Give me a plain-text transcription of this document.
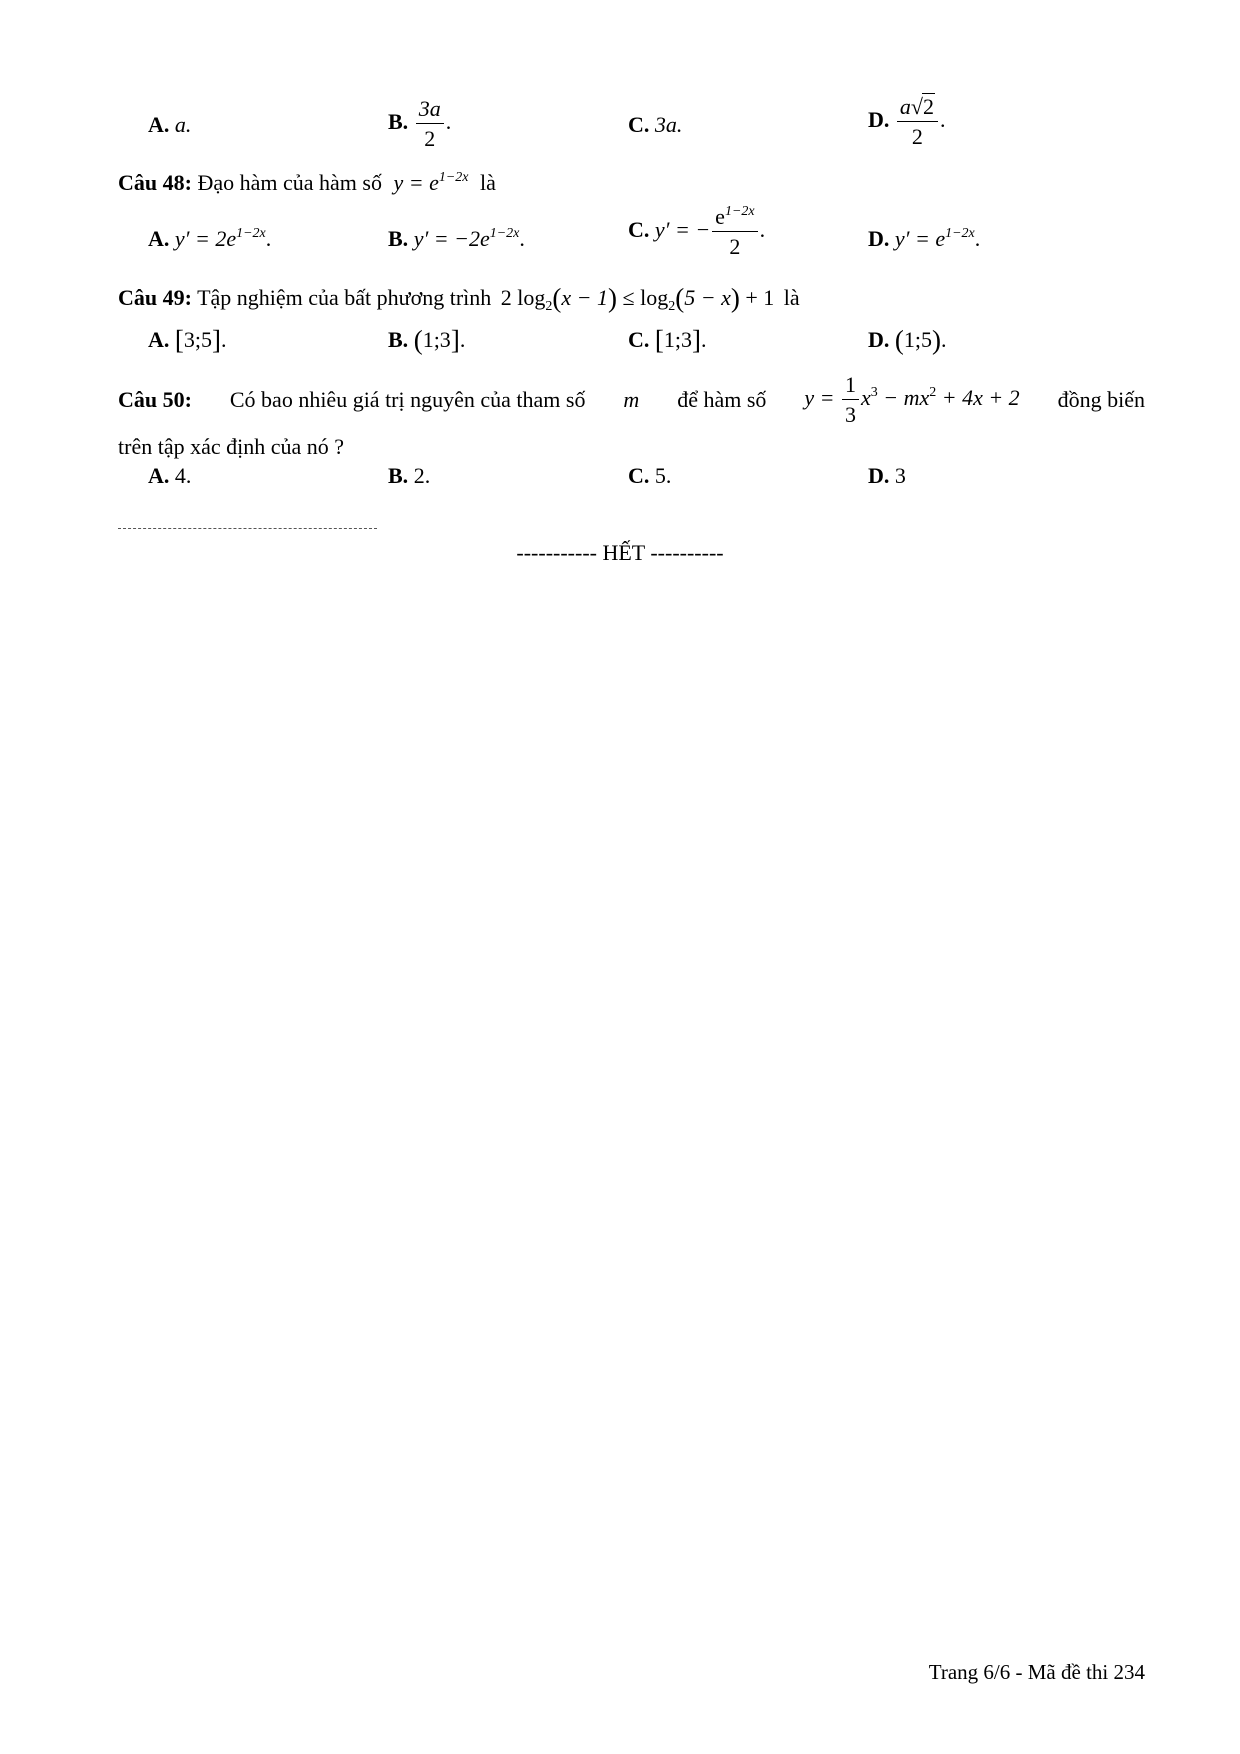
A. a.	B. $\frac{3a}{2}$ .	C. 3a.	D. $\frac{a√2}{2}$ .
Câu 48: Đạo hàm của hàm số $y = e^{1-2x}$ là
A. $y' = 2e^{1-2x}$.	B. $y' = -2e^{1-2x}$.	C. y′ = − $\frac{e^{1-2x}}{2}$ .	D. $y' = e^{1-2x}$.
Câu 49: Tập nghiệm của bất phương trình 2 $\log_2(x - 1) \le \log_2(5 - x) + 1$ là
A. [3;5].	B. (1;3].	C. [1;3].	D. (1;5).
Câu 50: Có bao nhiêu giá trị nguyên của tham số m để hàm số $y = \frac{1}{3} x^3 - mx^2 + 4x + 2$ đồng biến
trên tập xác định của nó ?
A. 4.	B. 2.	C. 5.	D. 3
----------- HẾT ----------
Trang 6/6 - Mã đề thi 234
